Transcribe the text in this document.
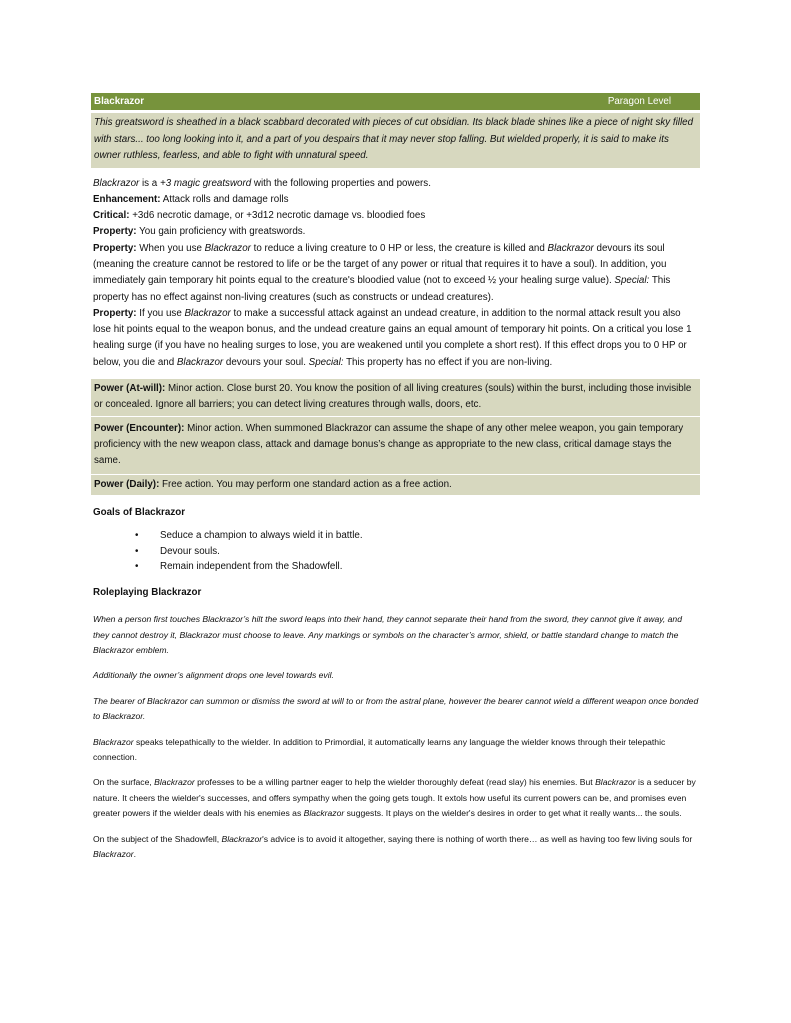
Blackrazor	Paragon Level
This greatsword is sheathed in a black scabbard decorated with pieces of cut obsidian. Its black blade shines like a piece of night sky filled with stars... too long looking into it, and a part of you despairs that it may never stop falling. But wielded properly, it is said to make its owner ruthless, fearless, and able to fight with unnatural speed.

Blackrazor is a +3 magic greatsword with the following properties and powers.

Enhancement: Attack rolls and damage rolls

Critical: +3d6 necrotic damage, or +3d12 necrotic damage vs. bloodied foes

Property: You gain proficiency with greatswords.

Property: When you use Blackrazor to reduce a living creature to 0 HP or less, the creature is killed and Blackrazor devours its soul (meaning the creature cannot be restored to life or be the target of any power or ritual that requires it to have a soul). In addition, you immediately gain temporary hit points equal to the creature's bloodied value (not to exceed ½ your healing surge value). Special: This property has no effect against non-living creatures (such as constructs or undead creatures).

Property: If you use Blackrazor to make a successful attack against an undead creature, in addition to the normal attack result you also lose hit points equal to the weapon bonus, and the undead creature gains an equal amount of temporary hit points. On a critical you lose 1 healing surge (if you have no healing surges to lose, you are weakened until you complete a short rest). If this effect drops you to 0 HP or below, you die and Blackrazor devours your soul. Special: This property has no effect if you are non-living.

Power (At-will): Minor action. Close burst 20. You know the position of all living creatures (souls) within the burst, including those invisible or concealed. Ignore all barriers; you can detect living creatures through walls, doors, etc.
Power (Encounter): Minor action. When summoned Blackrazor can assume the shape of any other melee weapon, you gain temporary proficiency with the new weapon class, attack and damage bonus’s change as appropriate to the new class, critical damage stays the same.
Power (Daily): Free action. You may perform one standard action as a free action.
Goals of Blackrazor
• Seduce a champion to always wield it in battle.
• Devour souls.
• Remain independent from the Shadowfell.
Roleplaying Blackrazor

When a person first touches Blackrazor’s hilt the sword leaps into their hand, they cannot separate their hand from the sword, they cannot give it away, and they cannot destroy it, Blackrazor must choose to leave. Any markings or symbols on the character’s armor, shield, or battle standard change to match the Blackrazor emblem.

Additionally the owner’s alignment drops one level towards evil.

The bearer of Blackrazor can summon or dismiss the sword at will to or from the astral plane, however the bearer cannot wield a different weapon once bonded to Blackrazor.

Blackrazor speaks telepathically to the wielder. In addition to Primordial, it automatically learns any language the wielder knows through their telepathic connection.

On the surface, Blackrazor professes to be a willing partner eager to help the wielder thoroughly defeat (read slay) his enemies. But Blackrazor is a seducer by nature. It cheers the wielder's successes, and offers sympathy when the going gets tough. It extols how useful its current powers can be, and promises even greater powers if the wielder deals with his enemies as Blackrazor suggests. It plays on the wielder's desires in order to get what it really wants... the souls.

On the subject of the Shadowfell, Blackrazor's advice is to avoid it altogether, saying there is nothing of worth there… as well as having too few living souls for Blackrazor.
